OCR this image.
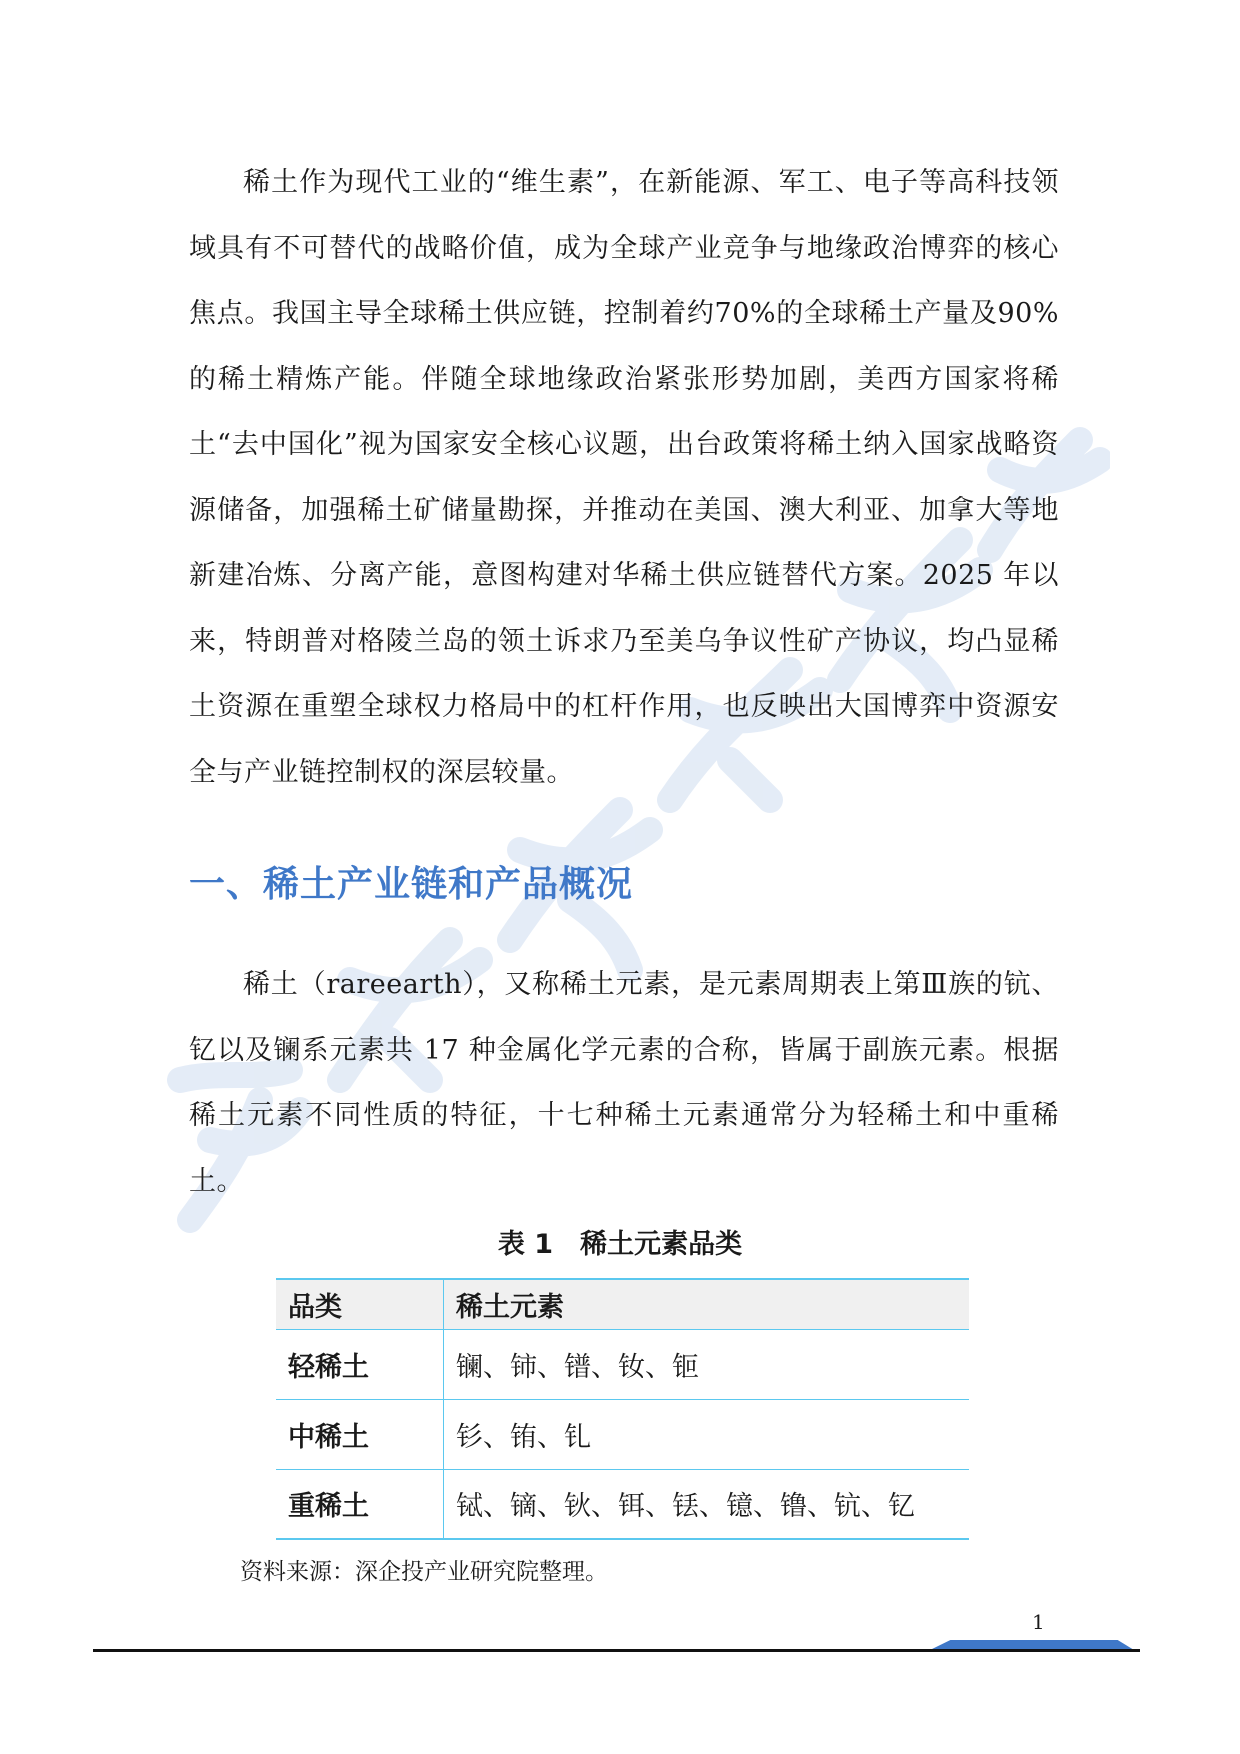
稀土作为现代工业的“维生素”，在新能源、军工、电子等高科技领域具有不可替代的战略价值，成为全球产业竞争与地缘政治博弈的核心焦点。我国主导全球稀土供应链，控制着约70%的全球稀土产量及90%的稀土精炼产能。伴随全球地缘政治紧张形势加剧，美西方国家将稀土“去中国化”视为国家安全核心议题，出台政策将稀土纳入国家战略资源储备，加强稀土矿储量勘探，并推动在美国、澳大利亚、加拿大等地新建冶炼、分离产能，意图构建对华稀土供应链替代方案。2025 年以来，特朗普对格陵兰岛的领土诉求乃至美乌争议性矿产协议，均凸显稀土资源在重塑全球权力格局中的杠杆作用，也反映出大国博弈中资源安全与产业链控制权的深层较量。

一、稀土产业链和产品概况

稀土（rareearth），又称稀土元素，是元素周期表上第Ⅲ族的钪、钇以及镧系元素共 17 种金属化学元素的合称，皆属于副族元素。根据稀土元素不同性质的特征，十七种稀土元素通常分为轻稀土和中重稀土。

表 1　稀土元素品类

品类	稀土元素
轻稀土	镧、铈、镨、钕、钷
中稀土	钐、铕、钆
重稀土	铽、镝、钬、铒、铥、镱、镥、钪、钇

资料来源：深企投产业研究院整理。

1
